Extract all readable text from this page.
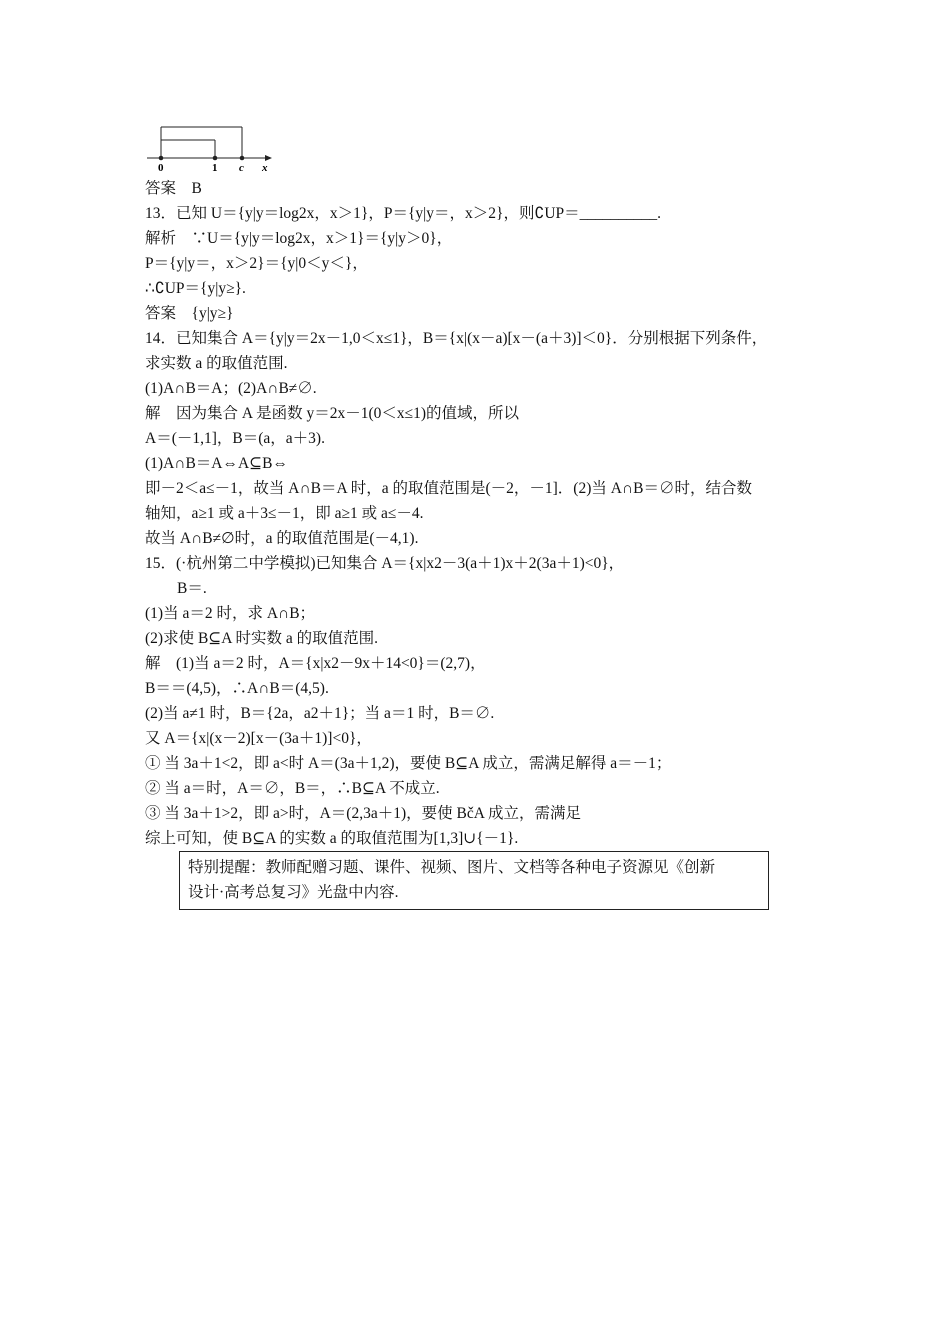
0	1 c x
答案　B
13．已知 U＝{y|y＝log2x，x＞1}，P＝{y|y＝，x＞2}，则∁UP＝__________.
解析　∵U＝{y|y＝log2x，x＞1}＝{y|y＞0}，
P＝{y|y＝，x＞2}＝{y|0＜y＜}，
∴∁UP＝{y|y≥}.
答案　{y|y≥}
14．已知集合 A＝{y|y＝2x－1,0＜x≤1}，B＝{x|(x－a)[x－(a＋3)]＜0}．分别根据下列条件，
求实数 a 的取值范围.
(1)A∩B＝A；(2)A∩B≠∅.
解　因为集合 A 是函数 y＝2x－1(0＜x≤1)的值域，所以
A＝(－1,1]，B＝(a，a＋3).
(1)A∩B＝A⇔A⊆B⇔
即－2＜a≤－1，故当 A∩B＝A 时，a 的取值范围是(－2，－1]．(2)当 A∩B＝∅时，结合数
轴知，a≥1 或 a＋3≤－1，即 a≥1 或 a≤－4.
故当 A∩B≠∅时，a 的取值范围是(－4,1).
15．(·杭州第二中学模拟)已知集合 A＝{x|x2－3(a＋1)x＋2(3a＋1)<0}，
B＝.
(1)当 a＝2 时，求 A∩B；
(2)求使 B⊆A 时实数 a 的取值范围.
解　(1)当 a＝2 时，A＝{x|x2－9x＋14<0}＝(2,7)，
B＝＝(4,5)，∴A∩B＝(4,5).
(2)当 a≠1 时，B＝{2a，a2＋1}；当 a＝1 时，B＝∅.
又 A＝{x|(x－2)[x－(3a＋1)]<0}，
① 当 3a＋1<2，即 a<时 A＝(3a＋1,2)，要使 B⊆A 成立，需满足解得 a＝－1；
② 当 a＝时，A＝∅，B＝，∴B⊆A 不成立.
③ 当 3a＋1>2，即 a>时，A＝(2,3a＋1)，要使 BčA 成立，需满足
综上可知，使 B⊆A 的实数 a 的取值范围为[1,3]∪{－1}.
特别提醒：教师配赠习题、课件、视频、图片、文档等各种电子资源见《创新
设计·高考总复习》光盘中内容.
